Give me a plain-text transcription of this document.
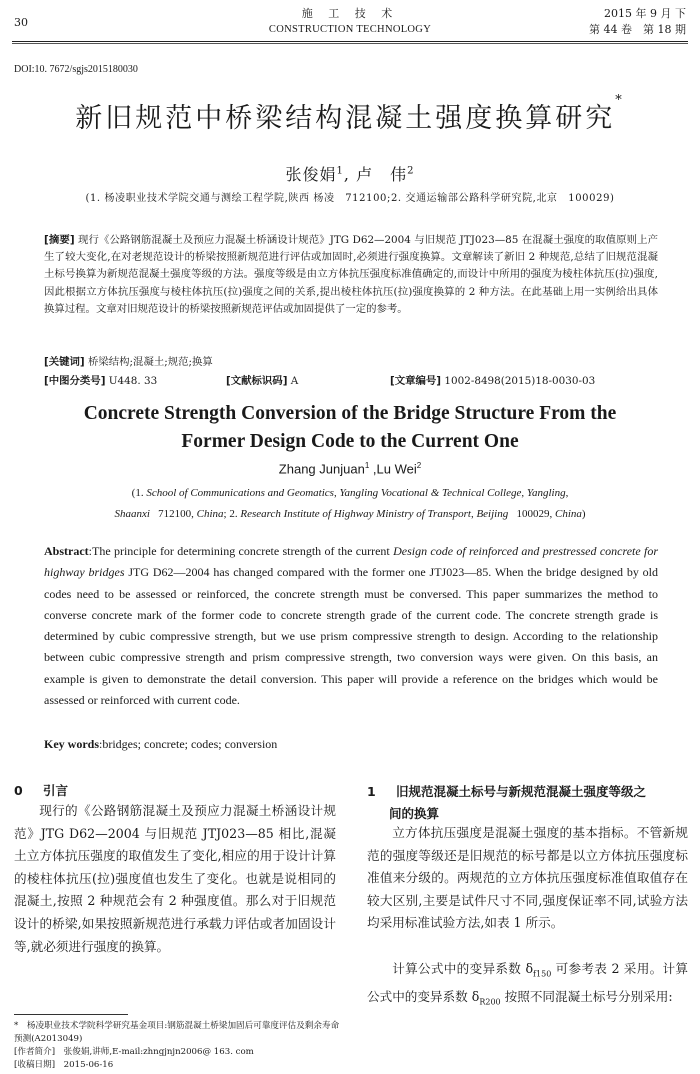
30
施 工 技 术
CONSTRUCTION TECHNOLOGY
2015 年 9 月 下
第 44 卷　第 18 期
DOI:10. 7672/sgjs2015180030
新旧规范中桥梁结构混凝土强度换算研究*
张俊娟$^1$, 卢　伟$^2$
(1. 杨凌职业技术学院交通与测绘工程学院,陕西 杨凌　712100;2. 交通运输部公路科学研究院,北京　100029)
[摘要] 现行《公路钢筋混凝土及预应力混凝土桥涵设计规范》JTG D62—2004 与旧规范 JTJ023—85 在混凝土强度的取值原则上产生了较大变化,在对老规范设计的桥梁按照新规范进行评估或加固时,必须进行强度换算。文章解读了新旧 2 种规范,总结了旧规范混凝土标号换算为新规范混凝土强度等级的方法。强度等级是由立方体抗压强度标准值确定的,而设计中所用的强度为棱柱体抗压(拉)强度,因此根据立方体抗压强度与棱柱体抗压(拉)强度之间的关系,提出棱柱体抗压(拉)强度换算的 2 种方法。在此基础上用一实例给出具体换算过程。文章对旧规范设计的桥梁按照新规范评估或加固提供了一定的参考。
[关键词] 桥梁结构;混凝土;规范;换算
[中图分类号] U448. 33	[文献标识码] A	[文章编号] 1002-8498(2015)18-0030-03
Concrete Strength Conversion of the Bridge Structure From the
Former Design Code to the Current One
Zhang Junjuan$^1$ ,Lu Wei$^2$
(1. School of Communications and Geomatics, Yangling Vocational & Technical College, Yangling,
Shaanxi 712100, China; 2. Research Institute of Highway Ministry of Transport, Beijing 100029, China)
Abstract:The principle for determining concrete strength of the current Design code of reinforced and prestressed concrete for highway bridges JTG D62—2004 has changed compared with the former one JTJ023—85. When the bridge designed by old codes need to be assessed or reinforced, the concrete strength must be conversed. This paper summarizes the method to converse concrete mark of the former code to concrete strength grade of the current code. The concrete strength grade is determined by cubic compressive strength, but we use prism compressive strength to design. According to the relationship between cubic compressive strength and prism compressive strength, two conversion ways were given. On this basis, an example is given to demonstrate the detail conversion. This paper will provide a reference on the bridges which would be assessed or reinforced with current code.
Key words:bridges; concrete; codes; conversion
0 引言
现行的《公路钢筋混凝土及预应力混凝土桥涵设计规范》JTG D62—2004 与旧规范 JTJ023—85 相比,混凝土立方体抗压强度的取值发生了变化,相应的用于设计计算的棱柱体抗压(拉)强度值也发生了变化。也就是说相同的混凝土,按照 2 种规范会有 2 种强度值。那么对于旧规范设计的桥梁,如果按照新规范进行承载力评估或者加固设计等,就必须进行强度的换算。
*　杨凌职业技术学院科学研究基金项目:钢筋混凝土桥梁加固后可靠度评估及剩余寿命预测(A2013049)
[作者简介]　张俊娟,讲师,E-mail:zhngjnjn2006@ 163. com
[收稿日期]　2015-06-16
1 旧规范混凝土标号与新规范混凝土强度等级之
间的换算
立方体抗压强度是混凝土强度的基本指标。不管新规范的强度等级还是旧规范的标号都是以立方体抗压强度标准值来分级的。两规范的立方体抗压强度标准值取值存在较大区别,主要是试件尺寸不同,强度保证率不同,试验方法均采用标准试验方法,如表 1 所示。
计算公式中的变异系数 $\delta_{f150}$ 可参考表 2 采用。计算公式中的变异系数 $\delta_{R200}$ 按照不同混凝土标号分别采用:
